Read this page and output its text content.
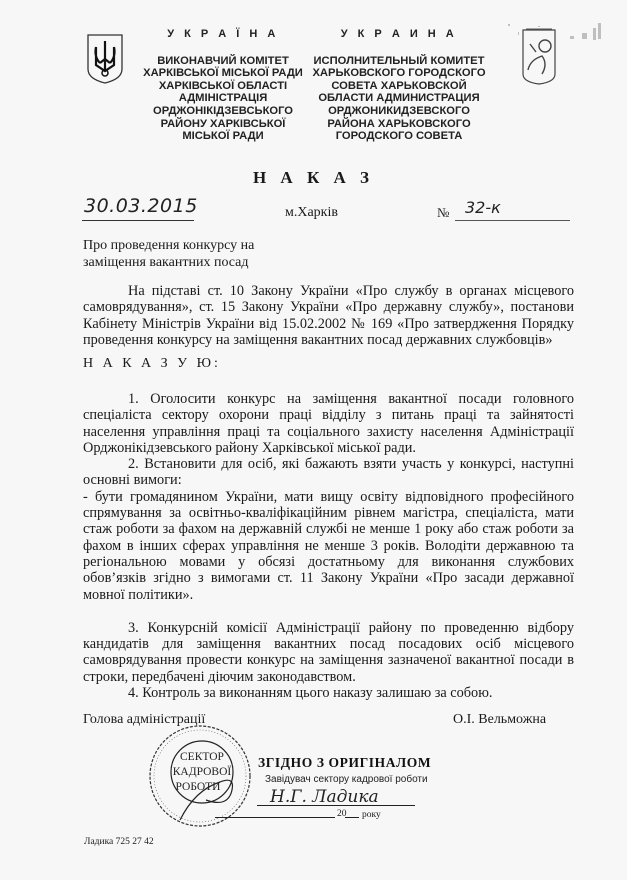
У К Р А Ї Н А
ВИКОНАВЧИЙ КОМІТЕТ
ХАРКІВСЬКОЇ МІСЬКОЇ РАДИ
ХАРКІВСЬКОЇ ОБЛАСТІ
АДМІНІСТРАЦІЯ
ОРДЖОНІКІДЗЕВСЬКОГО
РАЙОНУ ХАРКІВСЬКОЇ
МІСЬКОЇ РАДИ
У К Р А И Н А
ИСПОЛНИТЕЛЬНЫЙ КОМИТЕТ
ХАРЬКОВСКОГО ГОРОДСКОГО
СОВЕТА ХАРЬКОВСКОЙ
ОБЛАСТИ АДМИНИСТРАЦИЯ
ОРДЖОНИКИДЗЕВСКОГО
РАЙОНА ХАРЬКОВСКОГО
ГОРОДСКОГО СОВЕТА
Н А К А З
30.03.2015	м.Харків	№ 32-к
Про проведення конкурсу на
заміщення вакантних посад
На підставі ст. 10 Закону України «Про службу в органах місцевого самоврядування», ст. 15 Закону України «Про державну службу», постанови Кабінету Міністрів України від 15.02.2002 № 169 «Про затвердження Порядку проведення конкурсу на заміщення вакантних посад державних службовців»
Н А К А З У Ю:

1. Оголосити конкурс на заміщення вакантної посади головного спеціаліста сектору охорони праці відділу з питань праці та зайнятості населення управління праці та соціального захисту населення Адміністрації Орджонікідзевського району Харківської міської ради.

2. Встановити для осіб, які бажають взяти участь у конкурсі, наступні основні вимоги:

- бути громадянином України, мати вищу освіту відповідного професійного спрямування за освітньо-кваліфікаційним рівнем магістра, спеціаліста, мати стаж роботи за фахом на державній службі не менше 1 року або стаж роботи за фахом в інших сферах управління не менше 3 років. Володіти державною та регіональною мовами у обсязі достатньому для виконання службових обов’язків згідно з вимогами ст. 11 Закону України «Про засади державної мовної політики».

3. Конкурсній комісії Адміністрації району по проведенню відбору кандидатів для заміщення вакантних посад посадових осіб місцевого самоврядування провести конкурс на заміщення зазначеної вакантної посади в строки, передбачені діючим законодавством.

4. Контроль за виконанням цього наказу залишаю за собою.

Голова адміністрації	О.І. Вельможна
СЕКТОР
КАДРОВОЇ
РОБОТИ
ЗГІДНО З ОРИГІНАЛОМ
Завідувач сектору кадрової роботи
Н.Г. Ладика
20 року
Ладика 725 27 42
